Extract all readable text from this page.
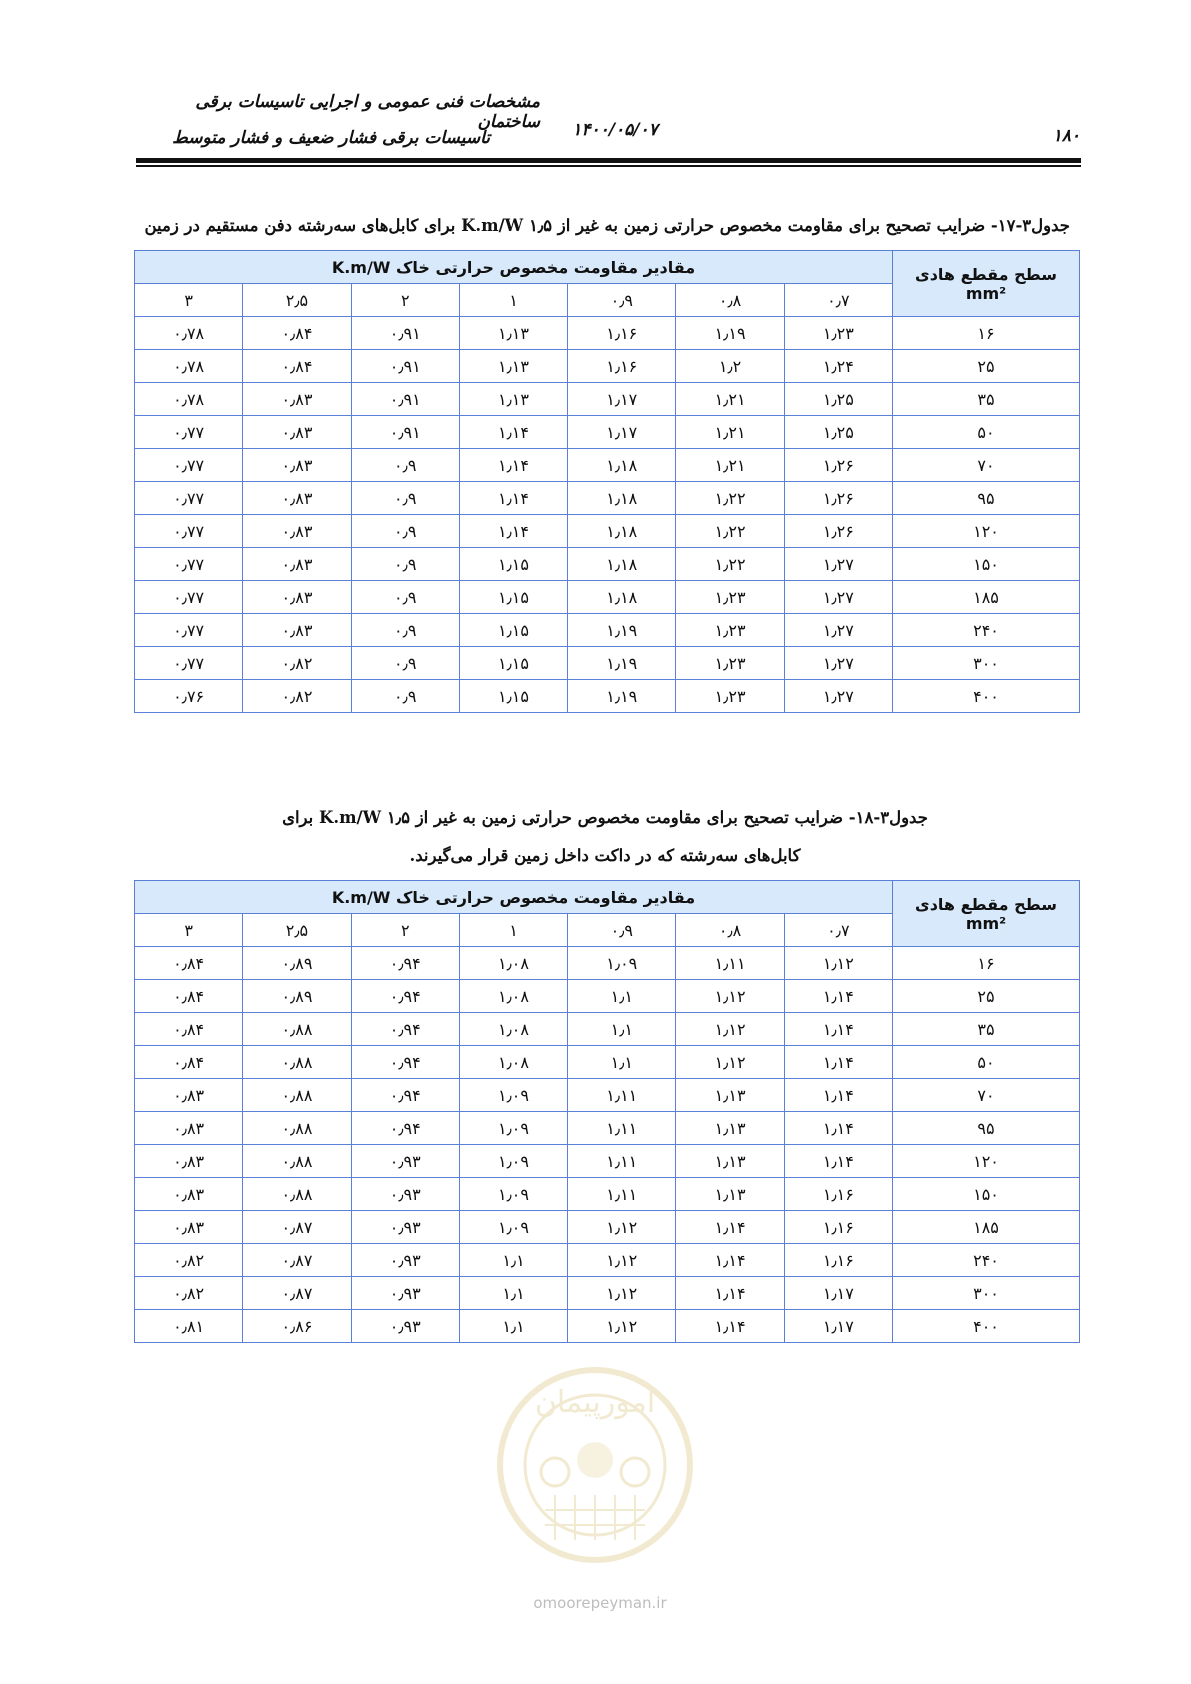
مشخصات فنی عمومی و اجرایی تاسیسات برقی ساختمان
تاسیسات برقی فشار ضعیف و فشار متوسط	۱۴۰۰/۰۵/۰۷	۱۸۰
جدول۳-۱۷- ضرایب تصحیح برای مقاومت مخصوص حرارتی زمین به غیر از ۱٫۵ K.m/W برای کابل‌های سه‌رشته دفن مستقیم در زمین
سطح مقطع هادی mm²	مقادیر مقاومت مخصوص حرارتی خاک K.m/W						
	۰٫۷	۰٫۸	۰٫۹	۱	۲	۲٫۵	۳
۱۶	۱٫۲۳	۱٫۱۹	۱٫۱۶	۱٫۱۳	۰٫۹۱	۰٫۸۴	۰٫۷۸
۲۵	۱٫۲۴	۱٫۲	۱٫۱۶	۱٫۱۳	۰٫۹۱	۰٫۸۴	۰٫۷۸
۳۵	۱٫۲۵	۱٫۲۱	۱٫۱۷	۱٫۱۳	۰٫۹۱	۰٫۸۳	۰٫۷۸
۵۰	۱٫۲۵	۱٫۲۱	۱٫۱۷	۱٫۱۴	۰٫۹۱	۰٫۸۳	۰٫۷۷
۷۰	۱٫۲۶	۱٫۲۱	۱٫۱۸	۱٫۱۴	۰٫۹	۰٫۸۳	۰٫۷۷
۹۵	۱٫۲۶	۱٫۲۲	۱٫۱۸	۱٫۱۴	۰٫۹	۰٫۸۳	۰٫۷۷
۱۲۰	۱٫۲۶	۱٫۲۲	۱٫۱۸	۱٫۱۴	۰٫۹	۰٫۸۳	۰٫۷۷
۱۵۰	۱٫۲۷	۱٫۲۲	۱٫۱۸	۱٫۱۵	۰٫۹	۰٫۸۳	۰٫۷۷
۱۸۵	۱٫۲۷	۱٫۲۳	۱٫۱۸	۱٫۱۵	۰٫۹	۰٫۸۳	۰٫۷۷
۲۴۰	۱٫۲۷	۱٫۲۳	۱٫۱۹	۱٫۱۵	۰٫۹	۰٫۸۳	۰٫۷۷
۳۰۰	۱٫۲۷	۱٫۲۳	۱٫۱۹	۱٫۱۵	۰٫۹	۰٫۸۲	۰٫۷۷
۴۰۰	۱٫۲۷	۱٫۲۳	۱٫۱۹	۱٫۱۵	۰٫۹	۰٫۸۲	۰٫۷۶
جدول۳-۱۸- ضرایب تصحیح برای مقاومت مخصوص حرارتی زمین به غیر از ۱٫۵ K.m/W برای
کابل‌های سه‌رشته که در داکت داخل زمین قرار می‌گیرند.
سطح مقطع هادی mm²	مقادیر مقاومت مخصوص حرارتی خاک K.m/W						
	۰٫۷	۰٫۸	۰٫۹	۱	۲	۲٫۵	۳
۱۶	۱٫۱۲	۱٫۱۱	۱٫۰۹	۱٫۰۸	۰٫۹۴	۰٫۸۹	۰٫۸۴
۲۵	۱٫۱۴	۱٫۱۲	۱٫۱	۱٫۰۸	۰٫۹۴	۰٫۸۹	۰٫۸۴
۳۵	۱٫۱۴	۱٫۱۲	۱٫۱	۱٫۰۸	۰٫۹۴	۰٫۸۸	۰٫۸۴
۵۰	۱٫۱۴	۱٫۱۲	۱٫۱	۱٫۰۸	۰٫۹۴	۰٫۸۸	۰٫۸۴
۷۰	۱٫۱۴	۱٫۱۳	۱٫۱۱	۱٫۰۹	۰٫۹۴	۰٫۸۸	۰٫۸۳
۹۵	۱٫۱۴	۱٫۱۳	۱٫۱۱	۱٫۰۹	۰٫۹۴	۰٫۸۸	۰٫۸۳
۱۲۰	۱٫۱۴	۱٫۱۳	۱٫۱۱	۱٫۰۹	۰٫۹۳	۰٫۸۸	۰٫۸۳
۱۵۰	۱٫۱۶	۱٫۱۳	۱٫۱۱	۱٫۰۹	۰٫۹۳	۰٫۸۸	۰٫۸۳
۱۸۵	۱٫۱۶	۱٫۱۴	۱٫۱۲	۱٫۰۹	۰٫۹۳	۰٫۸۷	۰٫۸۳
۲۴۰	۱٫۱۶	۱٫۱۴	۱٫۱۲	۱٫۱	۰٫۹۳	۰٫۸۷	۰٫۸۲
۳۰۰	۱٫۱۷	۱٫۱۴	۱٫۱۲	۱٫۱	۰٫۹۳	۰٫۸۷	۰٫۸۲
۴۰۰	۱٫۱۷	۱٫۱۴	۱٫۱۲	۱٫۱	۰٫۹۳	۰٫۸۶	۰٫۸۱
امورپیمان
omoorepeyman.ir
